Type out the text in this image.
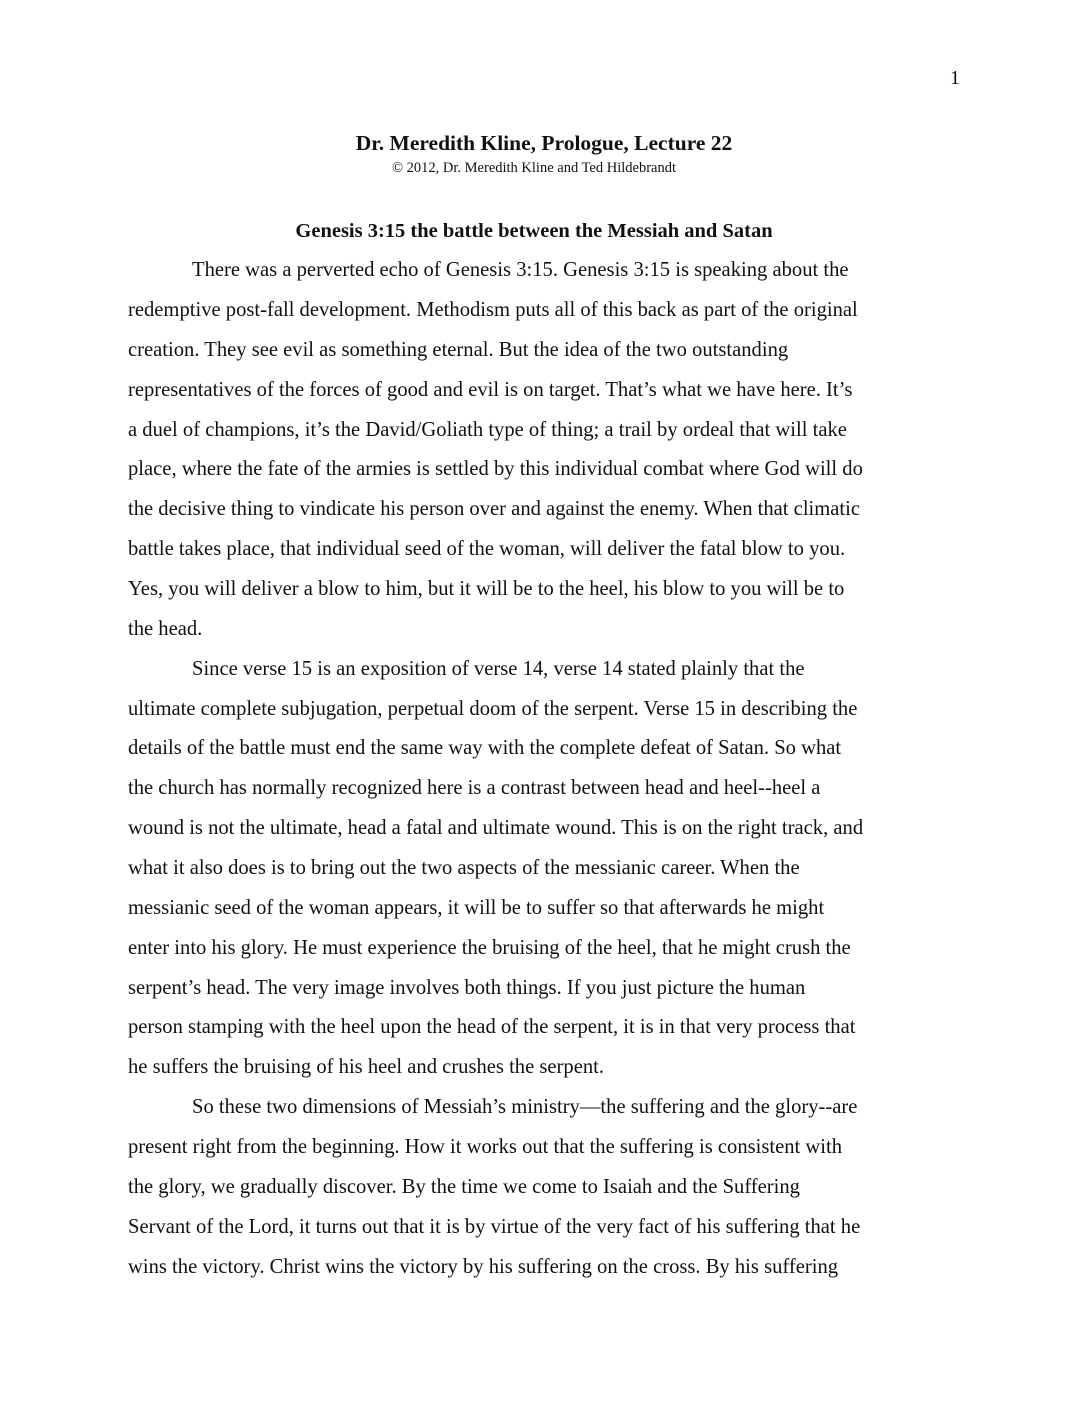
1
Dr. Meredith Kline, Prologue, Lecture 22
© 2012, Dr. Meredith Kline and Ted Hildebrandt
Genesis 3:15 the battle between the Messiah and Satan
There was a perverted echo of Genesis 3:15. Genesis 3:15 is speaking about the
redemptive post-fall development. Methodism puts all of this back as part of the original
creation. They see evil as something eternal. But the idea of the two outstanding
representatives of the forces of good and evil is on target. That’s what we have here. It’s
a duel of champions, it’s the David/Goliath type of thing; a trail by ordeal that will take
place, where the fate of the armies is settled by this individual combat where God will do
the decisive thing to vindicate his person over and against the enemy. When that climatic
battle takes place, that individual seed of the woman, will deliver the fatal blow to you.
Yes, you will deliver a blow to him, but it will be to the heel, his blow to you will be to
the head.
Since verse 15 is an exposition of verse 14, verse 14 stated plainly that the
ultimate complete subjugation, perpetual doom of the serpent. Verse 15 in describing the
details of the battle must end the same way with the complete defeat of Satan. So what
the church has normally recognized here is a contrast between head and heel--heel a
wound is not the ultimate, head a fatal and ultimate wound. This is on the right track, and
what it also does is to bring out the two aspects of the messianic career. When the
messianic seed of the woman appears, it will be to suffer so that afterwards he might
enter into his glory. He must experience the bruising of the heel, that he might crush the
serpent’s head. The very image involves both things. If you just picture the human
person stamping with the heel upon the head of the serpent, it is in that very process that
he suffers the bruising of his heel and crushes the serpent.
So these two dimensions of Messiah’s ministry—the suffering and the glory--are
present right from the beginning. How it works out that the suffering is consistent with
the glory, we gradually discover. By the time we come to Isaiah and the Suffering
Servant of the Lord, it turns out that it is by virtue of the very fact of his suffering that he
wins the victory. Christ wins the victory by his suffering on the cross. By his suffering
